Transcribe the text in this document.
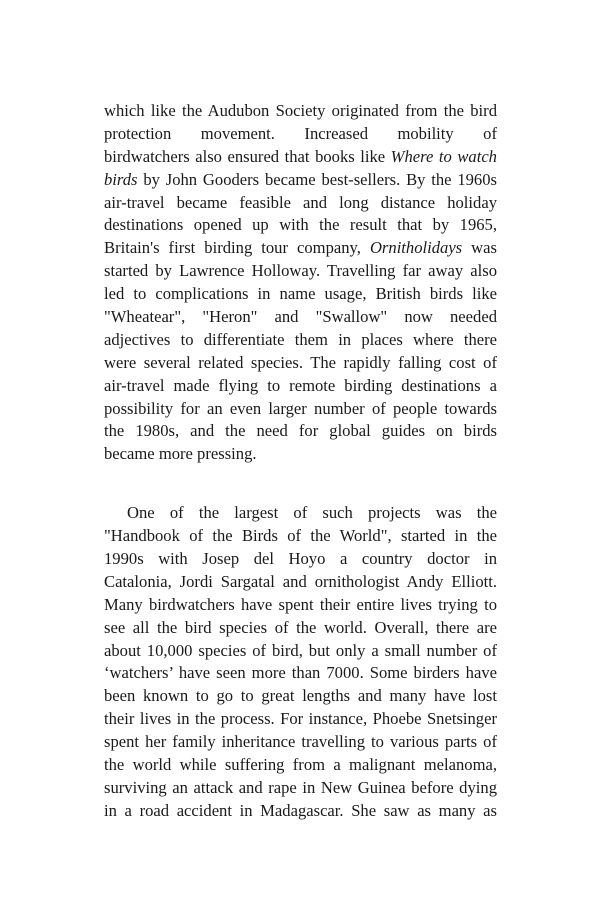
which like the Audubon Society originated from the bird
protection movement. Increased mobility of
birdwatchers also ensured that books like Where to watch
birds by John Gooders became best-sellers. By the 1960s
air-travel became feasible and long distance holiday
destinations opened up with the result that by 1965,
Britain's first birding tour company, Ornitholidays was
started by Lawrence Holloway. Travelling far away also
led to complications in name usage, British birds like
"Wheatear", "Heron" and "Swallow" now needed
adjectives to differentiate them in places where there
were several related species. The rapidly falling cost of
air-travel made flying to remote birding destinations a
possibility for an even larger number of people towards
the 1980s, and the need for global guides on birds
became more pressing.
One of the largest of such projects was the
"Handbook of the Birds of the World", started in the
1990s with Josep del Hoyo a country doctor in
Catalonia, Jordi Sargatal and ornithologist Andy Elliott.
Many birdwatchers have spent their entire lives trying to
see all the bird species of the world. Overall, there are
about 10,000 species of bird, but only a small number of
‘watchers’ have seen more than 7000. Some birders have
been known to go to great lengths and many have lost
their lives in the process. For instance, Phoebe Snetsinger
spent her family inheritance travelling to various parts of
the world while suffering from a malignant melanoma,
surviving an attack and rape in New Guinea before dying
in a road accident in Madagascar. She saw as many as
